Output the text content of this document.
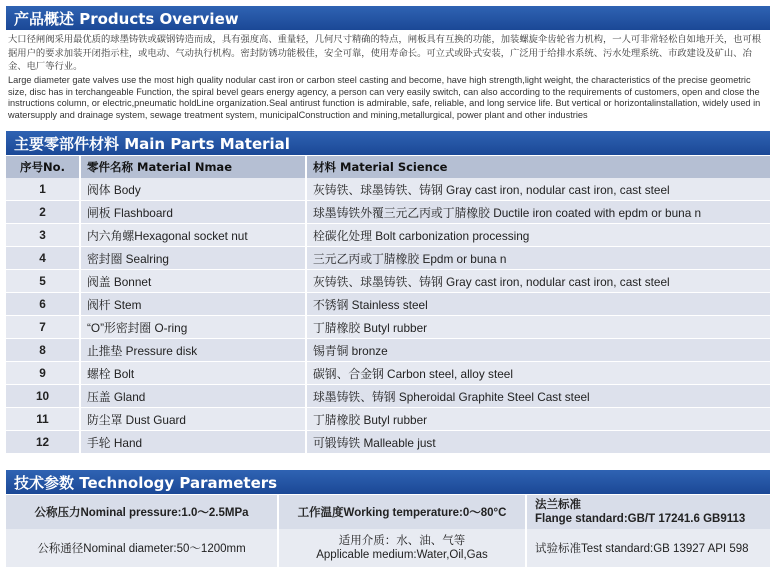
产品概述 Products Overview
大口径闸阀采用最优质的球墨铸铁或碳钢铸造而成，具有强度高、重量轻，几何尺寸精确的特点，闸板具有互换的功能，加装螺旋伞齿轮省力机构，一人可非常轻松自如地开关，也可根据用户的要求加装开闭指示柱，或电动、气动执行机构。密封防锈功能极佳，安全可靠，使用寿命长。可立式或卧式安装，广泛用于给排水系统、污水处理系统、市政建设及矿山、冶金、电厂等行业。
Large diameter gate valves use the most high quality nodular cast iron or carbon steel casting and become, have high strength,light weight, the characteristics of the precise geometric size, disc has in terchangeable Function, the spiral bevel gears energy agency, a person can very easily switch, can also according to the requirements of customers, open and close the instructions column, or electric,pneumatic holdLine organization.Seal antirust function is admirable, safe, reliable, and long service life. But vertical or horizontalinstallation, widely used in watersupply and drainage system, sewage treatment system, municipalConstruction and mining,metallurgical, power plant and other industries
主要零部件材料 Main Parts Material
序号No.	零件名称 Material Nmae	材料 Material Science
1	阀体 Body	灰铸铁、球墨铸铁、铸钢 Gray cast iron, nodular cast iron, cast steel
2	闸板 Flashboard	球墨铸铁外覆三元乙丙或丁腈橡胶 Ductile iron coated with epdm or buna n
3	内六角螺Hexagonal socket nut	栓碳化处理 Bolt carbonization processing
4	密封圈 Sealring	三元乙丙或丁腈橡胶 Epdm or buna n
5	阀盖 Bonnet	灰铸铁、球墨铸铁、铸钢 Gray cast iron, nodular cast iron, cast steel
6	阀杆 Stem	不锈钢 Stainless steel
7	“O”形密封圈 O-ring	丁腈橡胶 Butyl rubber
8	止推垫 Pressure disk	锡青铜 bronze
9	螺栓 Bolt	碳钢、合金钢 Carbon steel, alloy steel
10	压盖 Gland	球墨铸铁、铸钢 Spheroidal Graphite Steel Cast steel
11	防尘罩 Dust Guard	丁腈橡胶 Butyl rubber
12	手轮 Hand	可锻铸铁 Malleable just
技术参数 Technology Parameters
公称压力Nominal pressure:1.0～2.5MPa	工作温度Working temperature:0～80°C	法兰标准
Flange standard:GB/T 17241.6 GB9113

公称通径Nominal diameter:50～1200mm	适用介质：水、油、气等
Applicable medium:Water,Oil,Gas	试验标准Test standard:GB 13927 API 598
